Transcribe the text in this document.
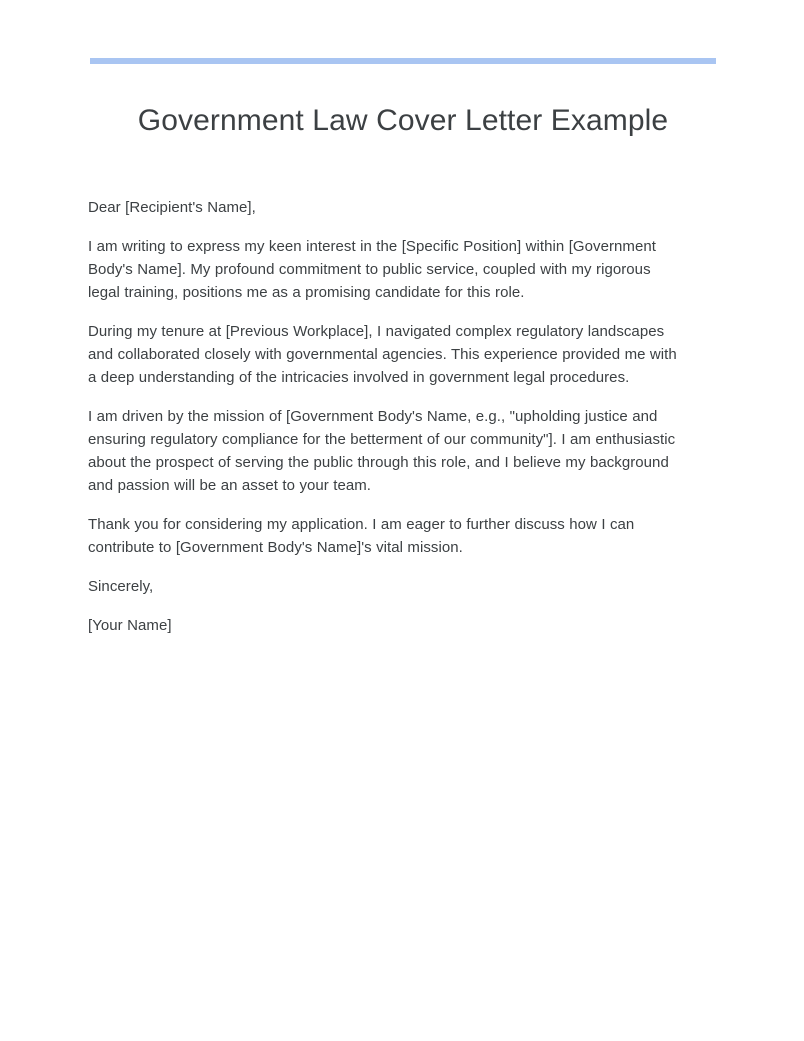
Government Law Cover Letter Example

Dear [Recipient's Name],

I am writing to express my keen interest in the [Specific Position] within [Government Body's Name]. My profound commitment to public service, coupled with my rigorous legal training, positions me as a promising candidate for this role.

During my tenure at [Previous Workplace], I navigated complex regulatory landscapes and collaborated closely with governmental agencies. This experience provided me with a deep understanding of the intricacies involved in government legal procedures.

I am driven by the mission of [Government Body's Name, e.g., "upholding justice and ensuring regulatory compliance for the betterment of our community"]. I am enthusiastic about the prospect of serving the public through this role, and I believe my background and passion will be an asset to your team.

Thank you for considering my application. I am eager to further discuss how I can contribute to [Government Body's Name]'s vital mission.

Sincerely,

[Your Name]
